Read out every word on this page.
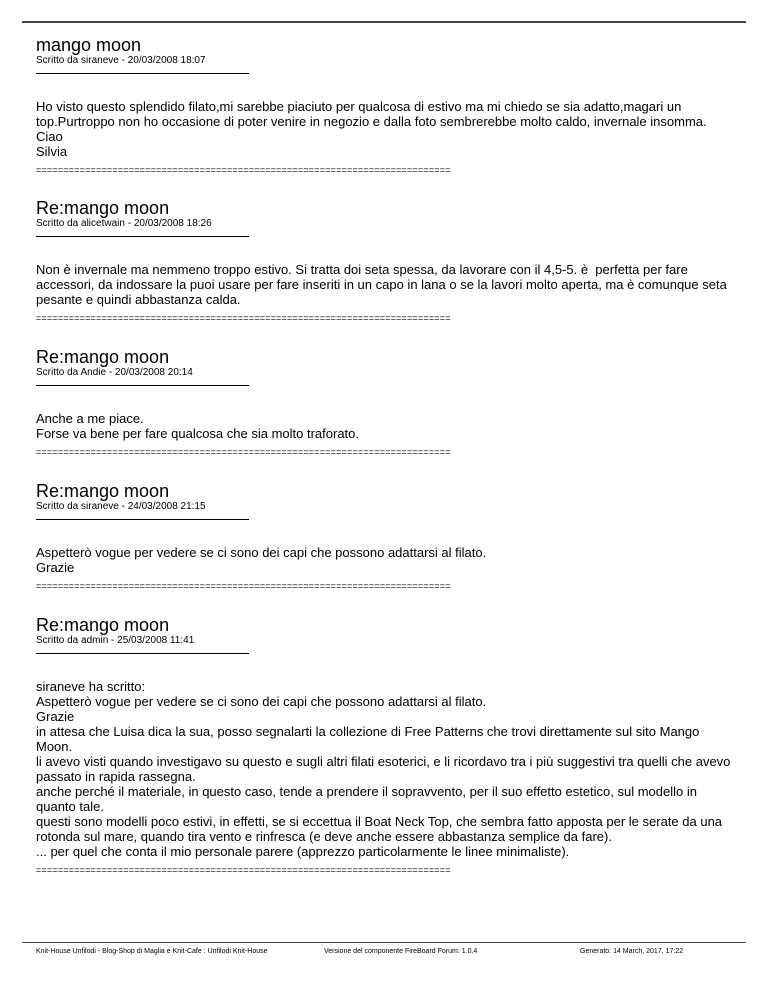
mango moon
Scritto da siraneve - 20/03/2008 18:07
Ho visto questo splendido filato,mi sarebbe piaciuto per qualcosa di estivo ma mi chiedo se sia adatto,magari un
top.Purtroppo non ho occasione di poter venire in negozio e dalla foto sembrerebbe molto caldo, invernale insomma.
Ciao
Silvia
============================================================================
Re:mango moon
Scritto da alicetwain - 20/03/2008 18:26
Non è invernale ma nemmeno troppo estivo. Si tratta doi seta spessa, da lavorare con il 4,5-5. è  perfetta per fare
accessori, da indossare la puoi usare per fare inseriti in un capo in lana o se la lavori molto aperta, ma è comunque seta
pesante e quindi abbastanza calda.
============================================================================
Re:mango moon
Scritto da Andie - 20/03/2008 20:14
Anche a me piace.
Forse va bene per fare qualcosa che sia molto traforato.
============================================================================
Re:mango moon
Scritto da siraneve - 24/03/2008 21:15
Aspetterò vogue per vedere se ci sono dei capi che possono adattarsi al filato.
Grazie
============================================================================
Re:mango moon
Scritto da admin - 25/03/2008 11:41
siraneve ha scritto:
Aspetterò vogue per vedere se ci sono dei capi che possono adattarsi al filato.
Grazie
in attesa che Luisa dica la sua, posso segnalarti la collezione di Free Patterns che trovi direttamente sul sito Mango
Moon.
li avevo visti quando investigavo su questo e sugli altri filati esoterici, e li ricordavo tra i più suggestivi tra quelli che avevo
passato in rapida rassegna.
anche perché il materiale, in questo caso, tende a prendere il sopravvento, per il suo effetto estetico, sul modello in
quanto tale.
questi sono modelli poco estivi, in effetti, se si eccettua il Boat Neck Top, che sembra fatto apposta per le serate da una
rotonda sul mare, quando tira vento e rinfresca (e deve anche essere abbastanza semplice da fare).
... per quel che conta il mio personale parere (apprezzo particolarmente le linee minimaliste).
============================================================================
Knit-House Unfilodi - Blog-Shop di Maglia e Knit-Cafe : Unfilodi Knit-House	Versione del componente FireBoard Forum: 1.0.4	Generato: 14 March, 2017, 17:22
